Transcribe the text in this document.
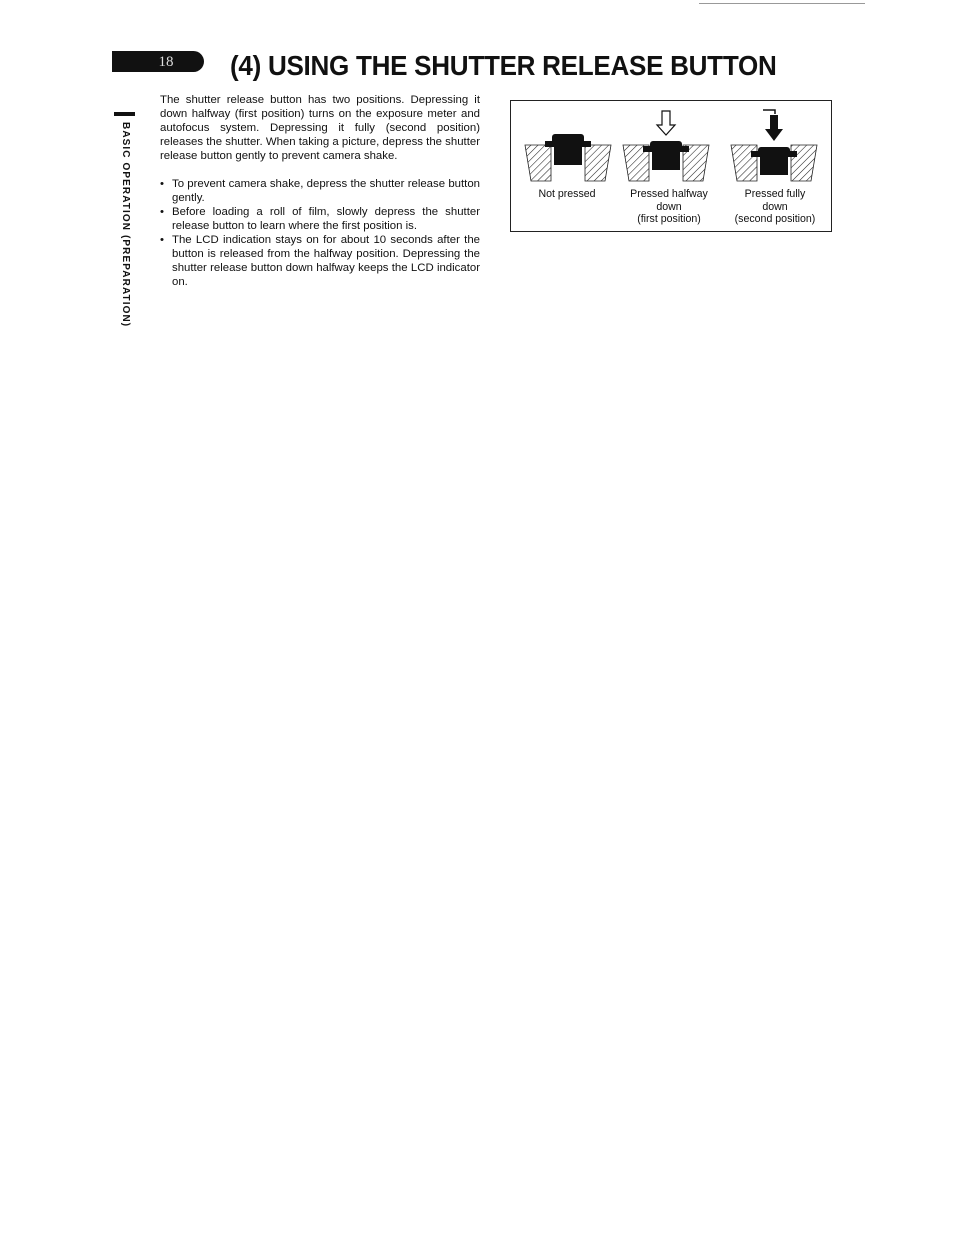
18	(4) USING THE SHUTTER RELEASE BUTTON
BASIC OPERATION (PREPARATION)

The shutter release button has two positions. Depressing it down halfway (first position) turns on the exposure meter and autofocus system. Depressing it fully (second position) releases the shutter. When taking a picture, depress the shutter release button gently to prevent camera shake.

• To prevent camera shake, depress the shutter release button gently.
• Before loading a roll of film, slowly depress the shutter release button to learn where the first position is.
• The LCD indication stays on for about 10 seconds after the button is released from the halfway position. Depressing the shutter release button down halfway keeps the LCD indicator on.
Not pressed	Pressed halfway
down
(first position)
Pressed fully
down
(second position)
